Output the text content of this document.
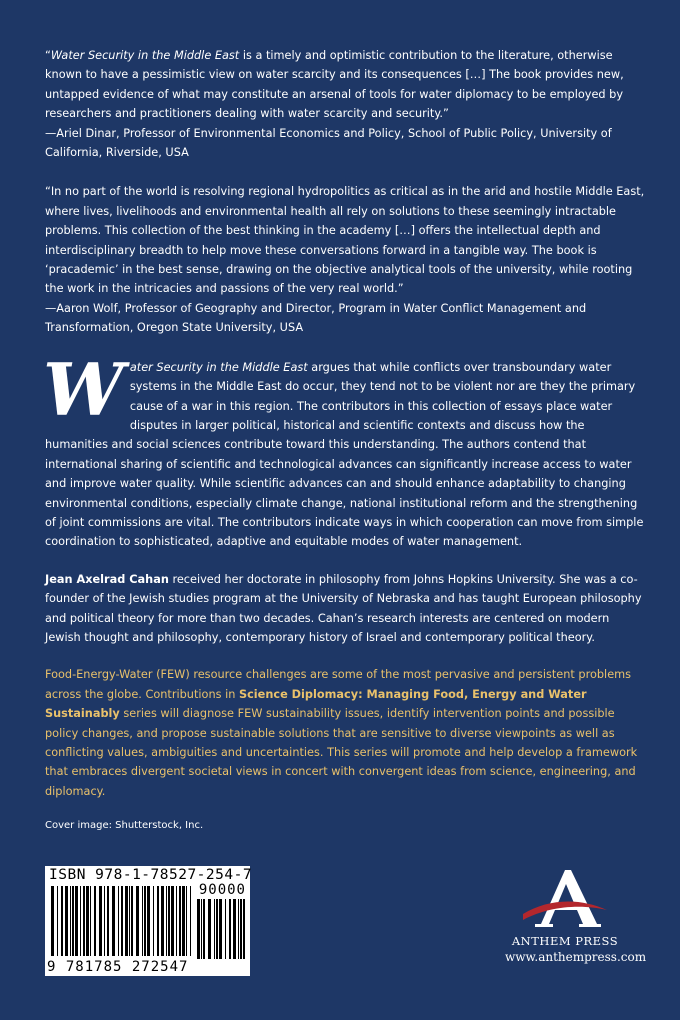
“Water Security in the Middle East is a timely and optimistic contribution to the literature, otherwise known to have a pessimistic view on water scarcity and its consequences […] The book provides new, untapped evidence of what may constitute an arsenal of tools for water diplomacy to be employed by researchers and practitioners dealing with water scarcity and security.”
—Ariel Dinar, Professor of Environmental Economics and Policy, School of Public Policy, University of California, Riverside, USA

“In no part of the world is resolving regional hydropolitics as critical as in the arid and hostile Middle East, where lives, livelihoods and environmental health all rely on solutions to these seemingly intractable problems. This collection of the best thinking in the academy […] offers the intellectual depth and interdisciplinary breadth to help move these conversations forward in a tangible way. The book is ‘pracademic’ in the best sense, drawing on the objective analytical tools of the university, while rooting the work in the intricacies and passions of the very real world.”
—Aaron Wolf, Professor of Geography and Director, Program in Water Conflict Management and Transformation, Oregon State University, USA

Water Security in the Middle East argues that while conflicts over transboundary water systems in the Middle East do occur, they tend not to be violent nor are they the primary cause of a war in this region. The contributors in this collection of essays place water disputes in larger political, historical and scientific contexts and discuss how the humanities and social sciences contribute toward this understanding. The authors contend that international sharing of scientific and technological advances can significantly increase access to water and improve water quality. While scientific advances can and should enhance adaptability to changing environmental conditions, especially climate change, national institutional reform and the strengthening of joint commissions are vital. The contributors indicate ways in which cooperation can move from simple coordination to sophisticated, adaptive and equitable modes of water management.

Jean Axelrad Cahan received her doctorate in philosophy from Johns Hopkins University. She was a co-founder of the Jewish studies program at the University of Nebraska and has taught European philosophy and political theory for more than two decades. Cahan’s research interests are centered on modern Jewish thought and philosophy, contemporary history of Israel and contemporary political theory.

Food-Energy-Water (FEW) resource challenges are some of the most pervasive and persistent problems across the globe. Contributions in Science Diplomacy: Managing Food, Energy and Water Sustainably series will diagnose FEW sustainability issues, identify intervention points and possible policy changes, and propose sustainable solutions that are sensitive to diverse viewpoints as well as conflicting values, ambiguities and uncertainties. This series will promote and help develop a framework that embraces divergent societal views in concert with convergent ideas from science, engineering, and diplomacy.

Cover image: Shutterstock, Inc.

ISBN 978-1-78527-254-7
90000
9 781785 272547
ANTHEM PRESS
www.anthempress.com
